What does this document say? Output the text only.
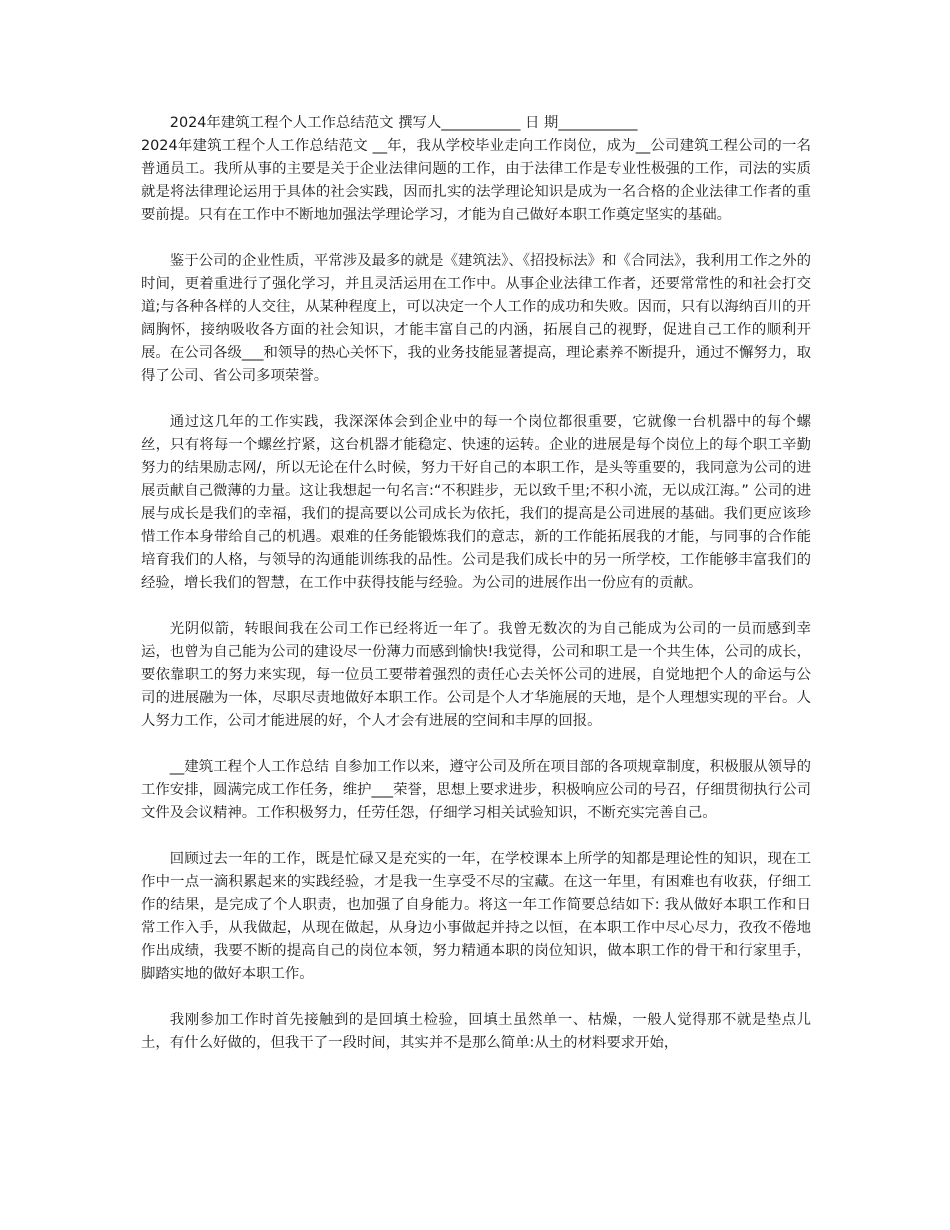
2024年建筑工程个人工作总结范文 撰写人___________ 日 期___________

2024年建筑工程个人工作总结范文 __年，我从学校毕业走向工作岗位，成为__公司建筑工程公司的一名普通员工。我所从事的主要是关于企业法律问题的工作，由于法律工作是专业性极强的工作，司法的实质就是将法律理论运用于具体的社会实践，因而扎实的法学理论知识是成为一名合格的企业法律工作者的重要前提。只有在工作中不断地加强法学理论学习，才能为自己做好本职工作奠定坚实的基础。

鉴于公司的企业性质，平常涉及最多的就是《建筑法》、《招投标法》和《合同法》，我利用工作之外的时间，更着重进行了强化学习，并且灵活运用在工作中。从事企业法律工作者，还要常常性的和社会打交道;与各种各样的人交往，从某种程度上，可以决定一个人工作的成功和失败。因而，只有以海纳百川的开阔胸怀，接纳吸收各方面的社会知识，才能丰富自己的内涵，拓展自己的视野，促进自己工作的顺利开展。在公司各级___和领导的热心关怀下，我的业务技能显著提高，理论素养不断提升，通过不懈努力，取得了公司、省公司多项荣誉。

通过这几年的工作实践，我深深体会到企业中的每一个岗位都很重要，它就像一台机器中的每个螺丝，只有将每一个螺丝拧紧，这台机器才能稳定、快速的运转。企业的进展是每个岗位上的每个职工辛勤努力的结果励志网/，所以无论在什么时候，努力干好自己的本职工作，是头等重要的，我同意为公司的进展贡献自己微薄的力量。这让我想起一句名言:“不积跬步，无以致千里;不积小流，无以成江海。” 公司的进展与成长是我们的幸福，我们的提高要以公司成长为依托，我们的提高是公司进展的基础。我们更应该珍惜工作本身带给自己的机遇。艰难的任务能锻炼我们的意志，新的工作能拓展我的才能，与同事的合作能培育我们的人格，与领导的沟通能训练我的品性。公司是我们成长中的另一所学校，工作能够丰富我们的经验，增长我们的智慧，在工作中获得技能与经验。为公司的进展作出一份应有的贡献。

光阴似箭，转眼间我在公司工作已经将近一年了。我曾无数次的为自己能成为公司的一员而感到幸运，也曾为自己能为公司的建设尽一份薄力而感到愉快!我觉得，公司和职工是一个共生体，公司的成长，要依靠职工的努力来实现，每一位员工要带着强烈的责任心去关怀公司的进展，自觉地把个人的命运与公司的进展融为一体，尽职尽责地做好本职工作。公司是个人才华施展的天地，是个人理想实现的平台。人人努力工作，公司才能进展的好，个人才会有进展的空间和丰厚的回报。

__建筑工程个人工作总结 自参加工作以来，遵守公司及所在项目部的各项规章制度，积极服从领导的工作安排，圆满完成工作任务，维护___荣誉，思想上要求进步，积极响应公司的号召，仔细贯彻执行公司文件及会议精神。工作积极努力，任劳任怨，仔细学习相关试验知识，不断充实完善自己。

回顾过去一年的工作，既是忙碌又是充实的一年，在学校课本上所学的知都是理论性的知识，现在工作中一点一滴积累起来的实践经验，才是我一生享受不尽的宝藏。在这一年里，有困难也有收获，仔细工作的结果，是完成了个人职责，也加强了自身能力。将这一年工作简要总结如下: 我从做好本职工作和日常工作入手，从我做起，从现在做起，从身边小事做起并持之以恒，在本职工作中尽心尽力，孜孜不倦地作出成绩，我要不断的提高自己的岗位本领，努力精通本职的岗位知识，做本职工作的骨干和行家里手，脚踏实地的做好本职工作。

我刚参加工作时首先接触到的是回填土检验，回填土虽然单一、枯燥，一般人觉得那不就是垫点儿土，有什么好做的，但我干了一段时间，其实并不是那么简单:从土的材料要求开始，
